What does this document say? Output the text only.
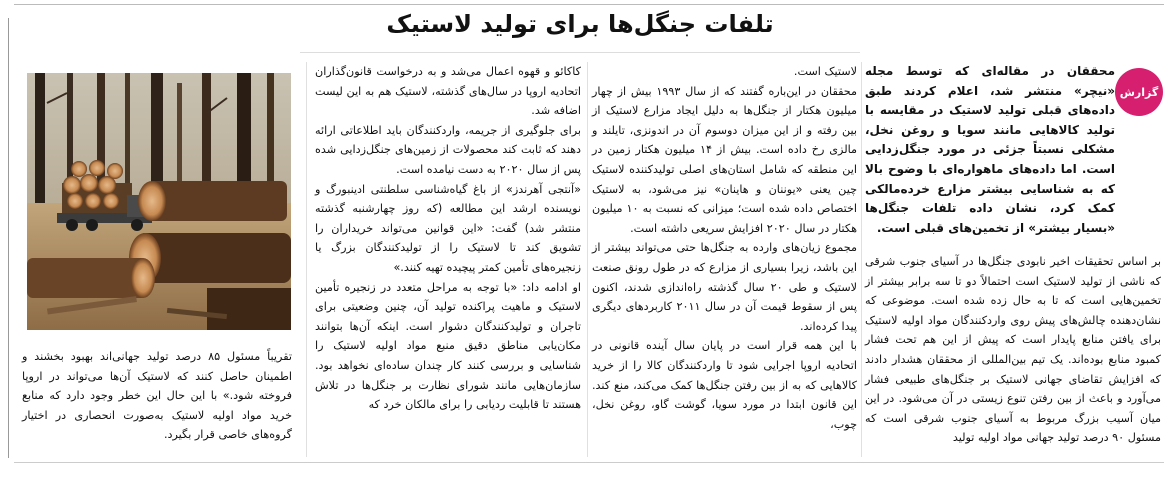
تلفات جنگل‌ها برای تولید لاستیک
گزارش

محققان در مقاله‌ای که توسط مجله «نیچر» منتشر شد، اعلام کردند طبق داده‌های قبلی تولید لاستیک در مقایسه با تولید کالاهایی مانند سویا و روغن نخل، مشکلی نسبتاً جزئی در مورد جنگل‌زدایی است. اما داده‌های ماهواره‌ای با وضوح بالا که به شناسایی بیشتر مزارع خرده‌مالکی کمک کرد، نشان داده تلفات جنگل‌ها «بسیار بیشتر» از تخمین‌های قبلی است.

بر اساس تحقیقات اخیر نابودی جنگل‌ها در آسیای جنوب شرقی که ناشی از تولید لاستیک است احتمالاً دو تا سه برابر بیشتر از تخمین‌هایی است که تا به حال زده شده است. موضوعی که نشان‌دهنده چالش‌های پیش روی واردکنندگان مواد اولیه لاستیک برای یافتن منابع پایدار است که پیش از این هم تحت فشار کمبود منابع بوده‌اند. یک تیم بین‌المللی از محققان هشدار دادند که افزایش تقاضای جهانی لاستیک بر جنگل‌های طبیعی فشار می‌آورد و باعث از بین رفتن تنوع زیستی در آن می‌شود. در این میان آسیب بزرگ مربوط به آسیای جنوب شرقی است که مسئول ۹۰ درصد تولید جهانی مواد اولیه تولید

لاستیک است.

محققان در این‌باره گفتند که از سال ۱۹۹۳ بیش از چهار میلیون هکتار از جنگل‌ها به دلیل ایجاد مزارع لاستیک از بین رفته و از این میزان دوسوم آن در اندونزی، تایلند و مالزی رخ داده است. بیش از ۱۴ میلیون هکتار زمین در این منطقه که شامل استان‌های اصلی تولیدکننده لاستیک چین یعنی «یوننان و هاینان» نیز می‌شود، به لاستیک اختصاص داده شده است؛ میزانی که نسبت به ۱۰ میلیون هکتار در سال ۲۰۲۰ افزایش سریعی داشته است.

مجموع زیان‌های وارده به جنگل‌ها حتی می‌تواند بیشتر از این باشد، زیرا بسیاری از مزارع که در طول رونق صنعت لاستیک و طی ۲۰ سال گذشته راه‌اندازی شدند، اکنون پس از سقوط قیمت آن در سال ۲۰۱۱ کاربردهای دیگری پیدا کرده‌اند.

با این همه قرار است در پایان سال آینده قانونی در اتحادیه اروپا اجرایی شود تا واردکنندگان کالا را از خرید کالاهایی که به از بین رفتن جنگل‌ها کمک می‌کند، منع کند. این قانون ابتدا در مورد سویا، گوشت گاو، روغن نخل، چوب،

کاکائو و قهوه اعمال می‌شد و به درخواست قانون‌گذاران اتحادیه اروپا در سال‌های گذشته، لاستیک هم به این لیست اضافه شد.

برای جلوگیری از جریمه، واردکنندگان باید اطلاعاتی ارائه دهند که ثابت کند محصولات از زمین‌های جنگل‌زدایی شده پس از سال ۲۰۲۰ به دست نیامده است.

«آنتجی آهرندز» از باغ گیاه‌شناسی سلطنتی ادینبورگ و نویسنده ارشد این مطالعه (که روز چهارشنبه گذشته منتشر شد) گفت: «این قوانین می‌تواند خریداران را تشویق کند تا لاستیک را از تولیدکنندگان بزرگ یا زنجیره‌های تأمین کمتر پیچیده تهیه کنند.»

او ادامه داد: «با توجه به مراحل متعدد در زنجیره تأمین لاستیک و ماهیت پراکنده تولید آن، چنین وضعیتی برای تاجران و تولیدکنندگان دشوار است. اینکه آن‌ها بتوانند مکان‌یابی مناطق دقیق منبع مواد اولیه لاستیک را شناسایی و بررسی کنند کار چندان ساده‌ای نخواهد بود. سازمان‌هایی مانند شورای نظارت بر جنگل‌ها در تلاش هستند تا قابلیت ردیابی را برای مالکان خرد که

تقریباً مسئول ۸۵ درصد تولید جهانی‌اند بهبود بخشند و اطمینان حاصل کنند که لاستیک آن‌ها می‌تواند در اروپا فروخته شود.» با این حال این خطر وجود دارد که منابع خرید مواد اولیه لاستیک به‌صورت انحصاری در اختیار گروه‌های خاصی قرار بگیرد.
